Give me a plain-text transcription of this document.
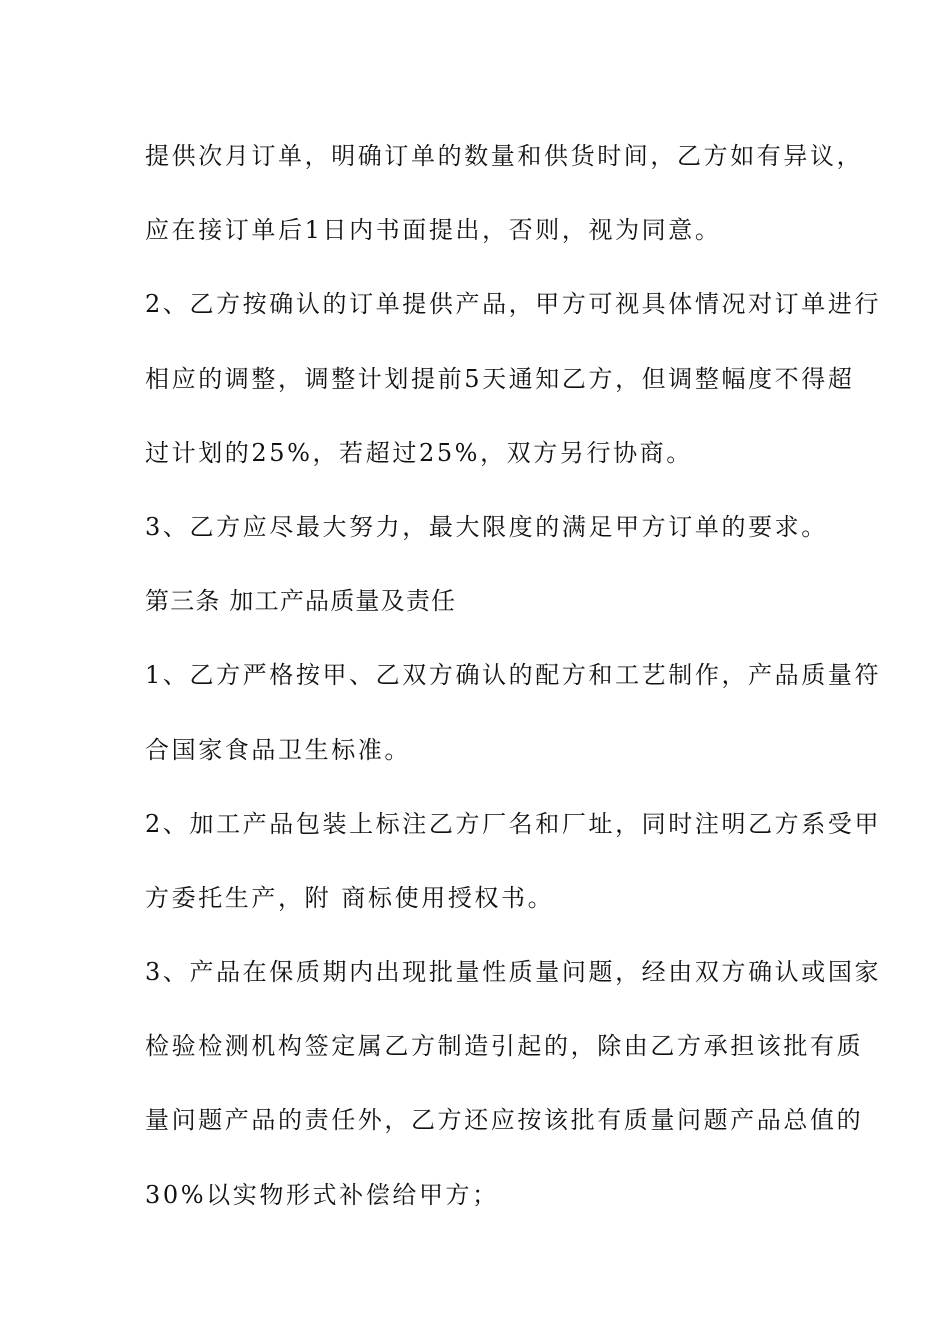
提供次月订单，明确订单的数量和供货时间，乙方如有异议，
应在接订单后1日内书面提出，否则，视为同意。
2、乙方按确认的订单提供产品，甲方可视具体情况对订单进行
相应的调整，调整计划提前5天通知乙方，但调整幅度不得超
过计划的25%，若超过25%，双方另行协商。
3、乙方应尽最大努力，最大限度的满足甲方订单的要求。
第三条 加工产品质量及责任
1、乙方严格按甲、乙双方确认的配方和工艺制作，产品质量符
合国家食品卫生标准。
2、加工产品包装上标注乙方厂名和厂址，同时注明乙方系受甲
方委托生产，附 商标使用授权书。
3、产品在保质期内出现批量性质量问题，经由双方确认或国家
检验检测机构签定属乙方制造引起的，除由乙方承担该批有质
量问题产品的责任外，乙方还应按该批有质量问题产品总值的
30%以实物形式补偿给甲方；
